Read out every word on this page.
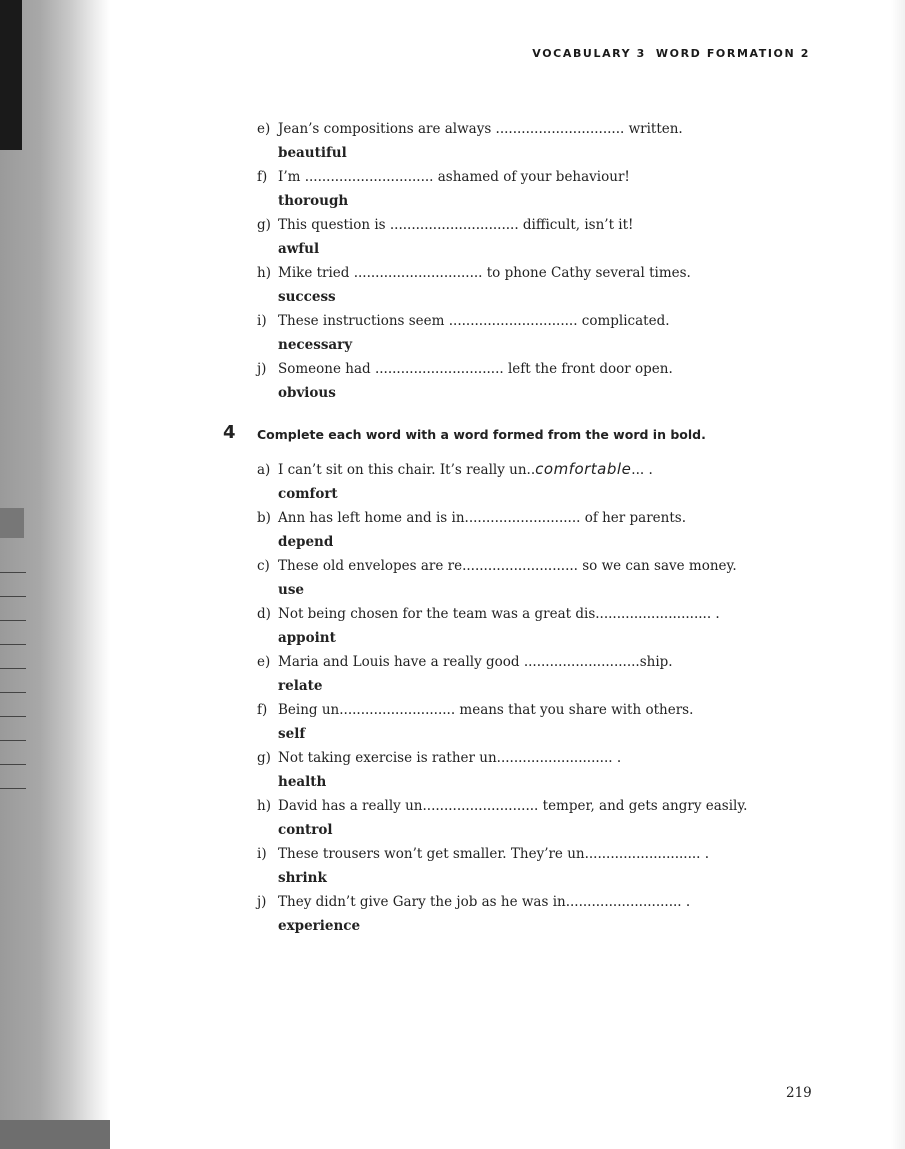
VOCABULARY 3 WORD FORMATION 2
e) Jean’s compositions are always .............................. written.
beautiful
f) I’m .............................. ashamed of your behaviour!
thorough
g) This question is .............................. difficult, isn’t it!
awful
h) Mike tried .............................. to phone Cathy several times.
success
i) These instructions seem .............................. complicated.
necessary
j) Someone had .............................. left the front door open.
obvious
4 Complete each word with a word formed from the word in bold.
a) I can’t sit on this chair. It’s really un..comfortable... .
comfort
b) Ann has left home and is in........................... of her parents.
depend
c) These old envelopes are re........................... so we can save money.
use
d) Not being chosen for the team was a great dis........................... .
appoint
e) Maria and Louis have a really good ...........................ship.
relate
f) Being un........................... means that you share with others.
self
g) Not taking exercise is rather un........................... .
health
h) David has a really un........................... temper, and gets angry easily.
control
i) These trousers won’t get smaller. They’re un........................... .
shrink
j) They didn’t give Gary the job as he was in........................... .
experience
219
